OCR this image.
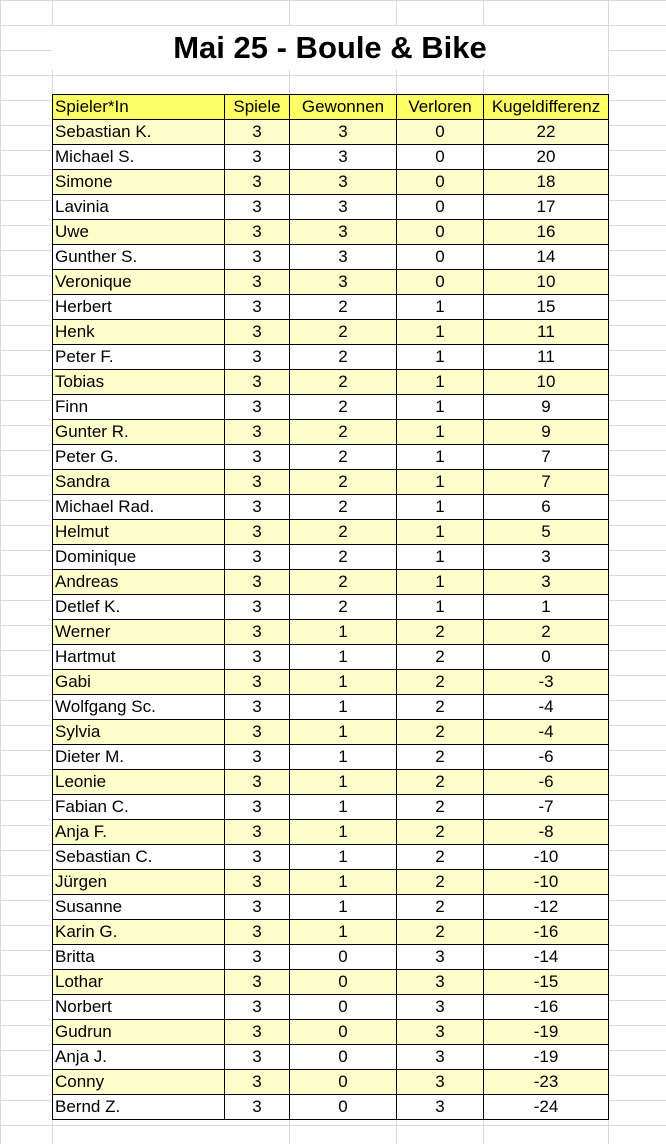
Mai 25 - Boule & Bike
Spieler*In	Spiele	Gewonnen	Verloren	Kugeldifferenz
Sebastian K.	3	3	0	22
Michael S.	3	3	0	20
Simone	3	3	0	18
Lavinia	3	3	0	17
Uwe	3	3	0	16
Gunther S.	3	3	0	14
Veronique	3	3	0	10
Herbert	3	2	1	15
Henk	3	2	1	11
Peter F.	3	2	1	11
Tobias	3	2	1	10
Finn	3	2	1	9
Gunter R.	3	2	1	9
Peter G.	3	2	1	7
Sandra	3	2	1	7
Michael Rad.	3	2	1	6
Helmut	3	2	1	5
Dominique	3	2	1	3
Andreas	3	2	1	3
Detlef K.	3	2	1	1
Werner	3	1	2	2
Hartmut	3	1	2	0
Gabi	3	1	2	-3
Wolfgang Sc.	3	1	2	-4
Sylvia	3	1	2	-4
Dieter M.	3	1	2	-6
Leonie	3	1	2	-6
Fabian C.	3	1	2	-7
Anja F.	3	1	2	-8
Sebastian C.	3	1	2	-10
Jürgen	3	1	2	-10
Susanne	3	1	2	-12
Karin G.	3	1	2	-16
Britta	3	0	3	-14
Lothar	3	0	3	-15
Norbert	3	0	3	-16
Gudrun	3	0	3	-19
Anja J.	3	0	3	-19
Conny	3	0	3	-23
Bernd Z.	3	0	3	-24
